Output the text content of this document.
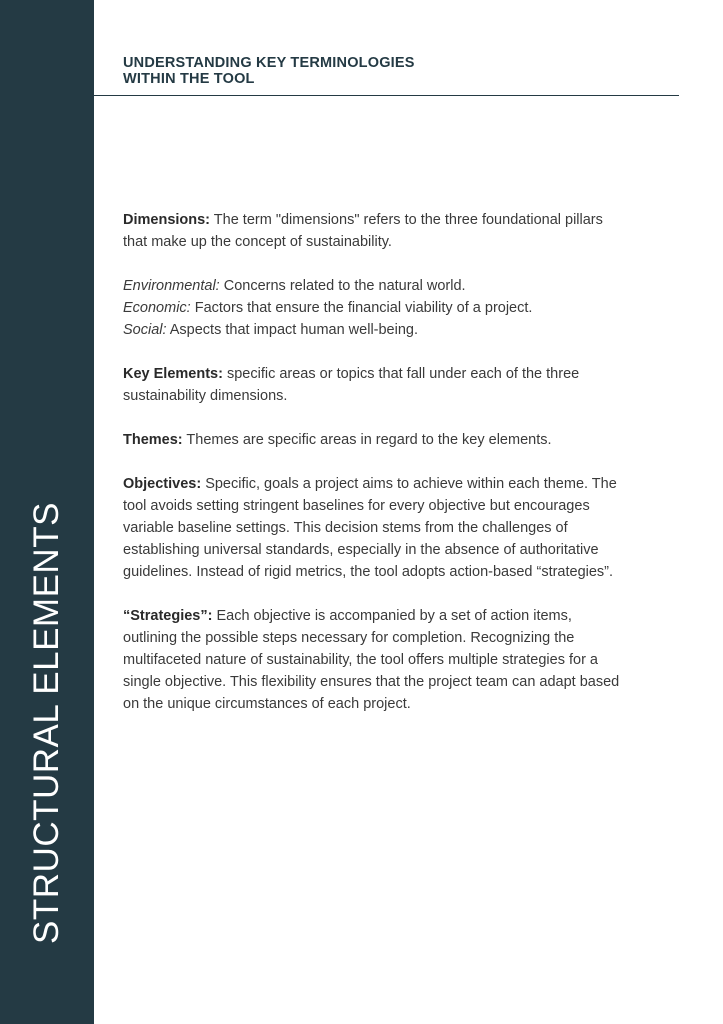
STRUCTURAL ELEMENTS
UNDERSTANDING KEY TERMINOLOGIES
WITHIN THE TOOL

Dimensions: The term "dimensions" refers to the three foundational pillars that make up the concept of sustainability.

Environmental: Concerns related to the natural world.

Economic: Factors that ensure the financial viability of a project.

Social: Aspects that impact human well-being.

Key Elements: specific areas or topics that fall under each of the three sustainability dimensions.

Themes: Themes are specific areas in regard to the key elements.

Objectives: Specific, goals a project aims to achieve within each theme. The tool avoids setting stringent baselines for every objective but encourages variable baseline settings. This decision stems from the challenges of establishing universal standards, especially in the absence of authoritative guidelines. Instead of rigid metrics, the tool adopts action-based “strategies”.

“Strategies”: Each objective is accompanied by a set of action items, outlining the possible steps necessary for completion. Recognizing the multifaceted nature of sustainability, the tool offers multiple strategies for a single objective. This flexibility ensures that the project team can adapt based on the unique circumstances of each project.
